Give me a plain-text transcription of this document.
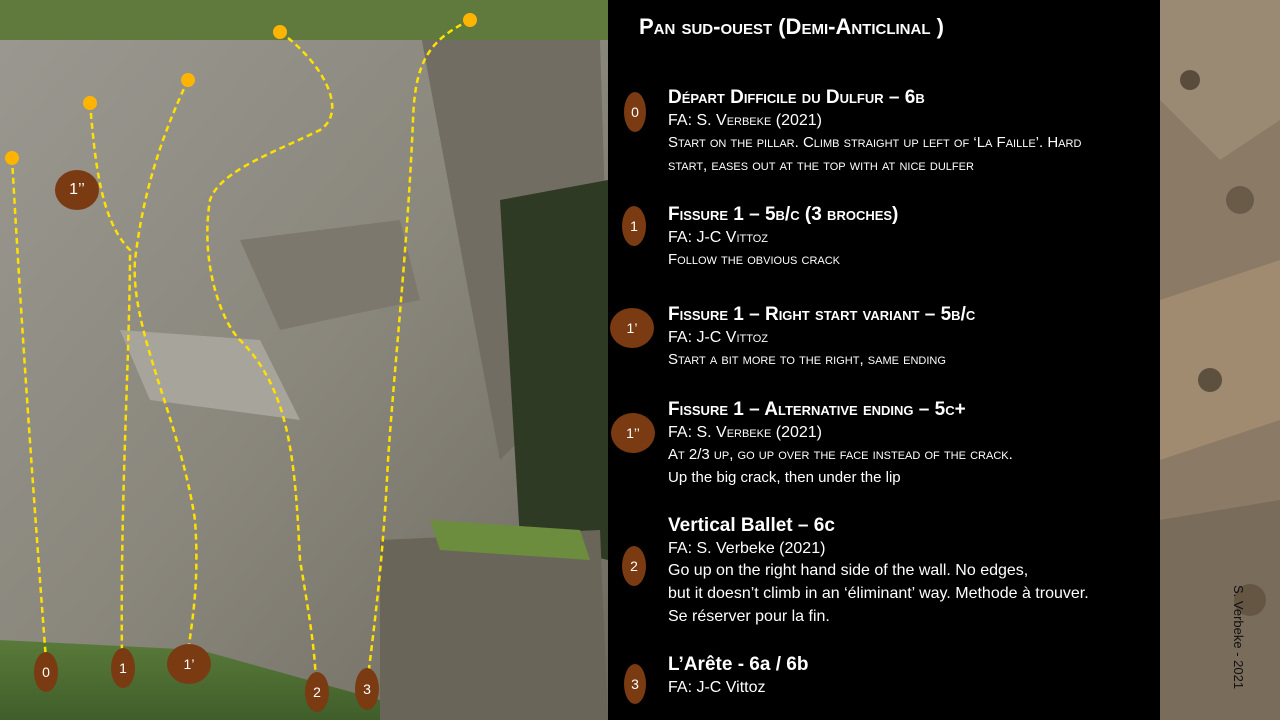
1’’
0	1	1’
2	3	S. Verbeke - 2021
Pan sud-ouest (Demi-Anticlinal )
0
Départ Difficile du Dulfur – 6b
FA: S. Verbeke (2021)
Start on the pillar. Climb straight up left of ‘La Faille’. Hard
start, eases out at the top with at nice dulfer
1
Fissure 1 – 5b/c (3 broches)
FA: J-C Vittoz
Follow the obvious crack
1’
Fissure 1 – Right start variant – 5b/c
FA: J-C Vittoz
Start a bit more to the right, same ending
1’’
Fissure 1 – Alternative ending – 5c+
FA: S. Verbeke (2021)
At 2/3 up, go up over the face instead of the crack.
Up the big crack, then under the lip
2
Vertical Ballet – 6c
FA: S. Verbeke (2021)
Go up on the right hand side of the wall. No edges,
but it doesn’t climb in an ‘éliminant’ way. Methode à trouver.
Se réserver pour la fin.
3
L’Arête - 6a / 6b
FA: J-C Vittoz
